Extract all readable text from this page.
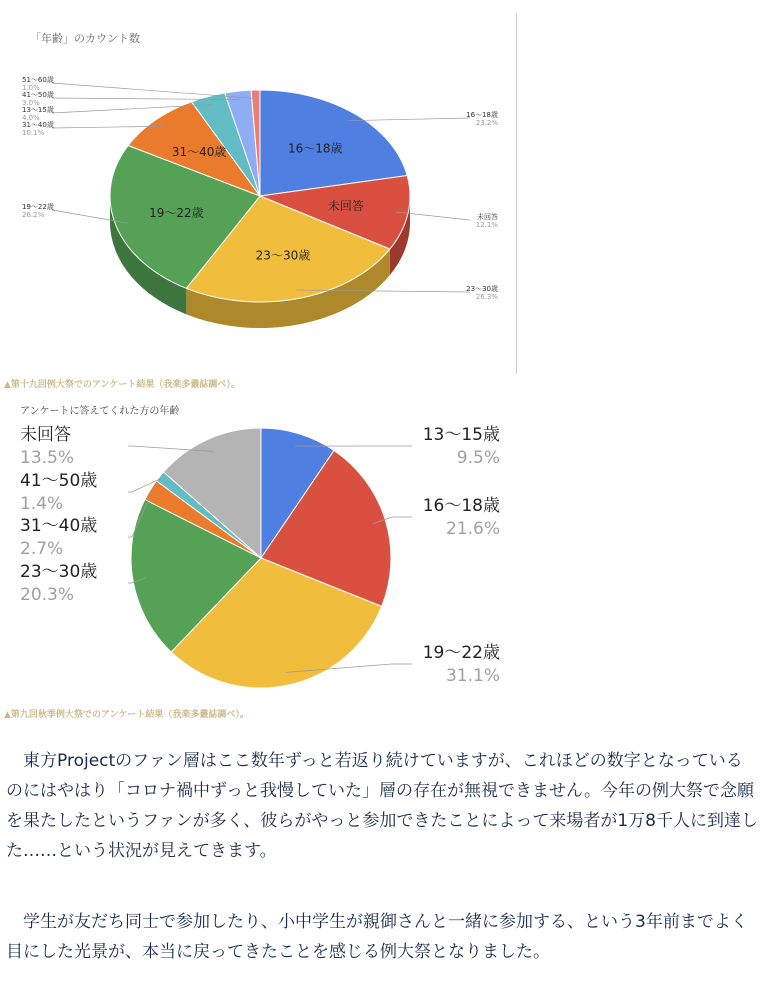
「年齢」のカウント数
16〜18歳
未回答
23〜30歳
19〜22歳
31〜40歳
16〜18歳
23.2%
未回答
12.1%
23〜30歳
26.3%
19〜22歳
26.2%
31〜40歳
10.1%
13〜15歳
4.0%
41〜50歳
3.0%
51〜60歳
1.0%
▲第十九回例大祭でのアンケート結果（我楽多叢誌調べ）。
アンケートに答えてくれた方の年齢
13〜15歳
9.5%
16〜18歳
21.6%
19〜22歳
31.1%
23〜30歳
20.3%
31〜40歳
2.7%
41〜50歳
1.4%
未回答
13.5%
▲第九回秋季例大祭でのアンケート結果（我楽多叢誌調べ）。

東方Projectのファン層はここ数年ずっと若返り続けていますが、これほどの数字となっているのにはやはり「コロナ禍中ずっと我慢していた」層の存在が無視できません。今年の例大祭で念願を果たしたというファンが多く、彼らがやっと参加できたことによって来場者が1万8千人に到達した……という状況が見えてきます。

学生が友だち同士で参加したり、小中学生が親御さんと一緒に参加する、という3年前までよく目にした光景が、本当に戻ってきたことを感じる例大祭となりました。
